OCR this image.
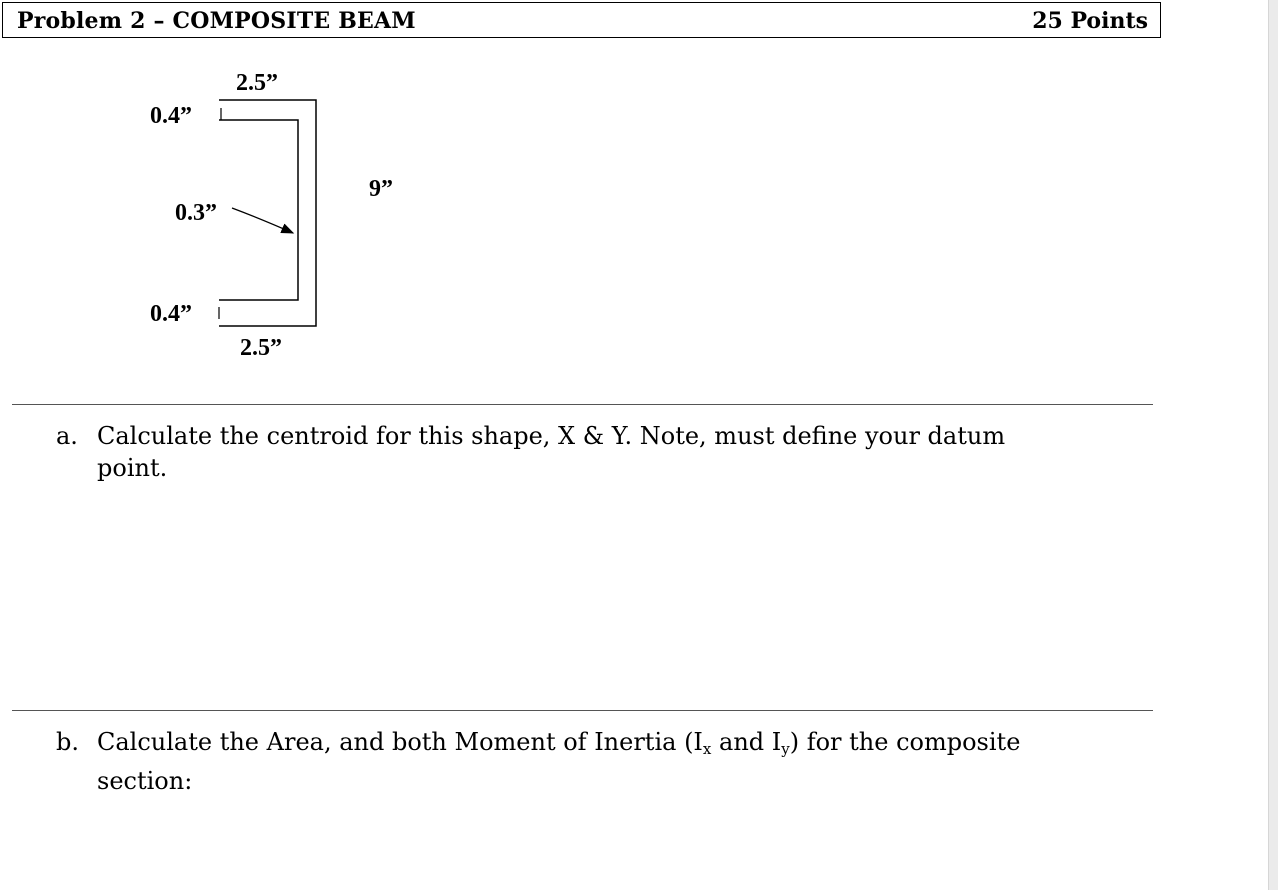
Problem 2 – COMPOSITE BEAM	25 Points
2.5”
0.4”
0.3”
9”
0.4”
2.5”
a. Calculate the centroid for this shape, X & Y. Note, must define your datum
point.
b. Calculate the Area, and both Moment of Inertia ($I_x$ and $I_y$) for the composite
section:
